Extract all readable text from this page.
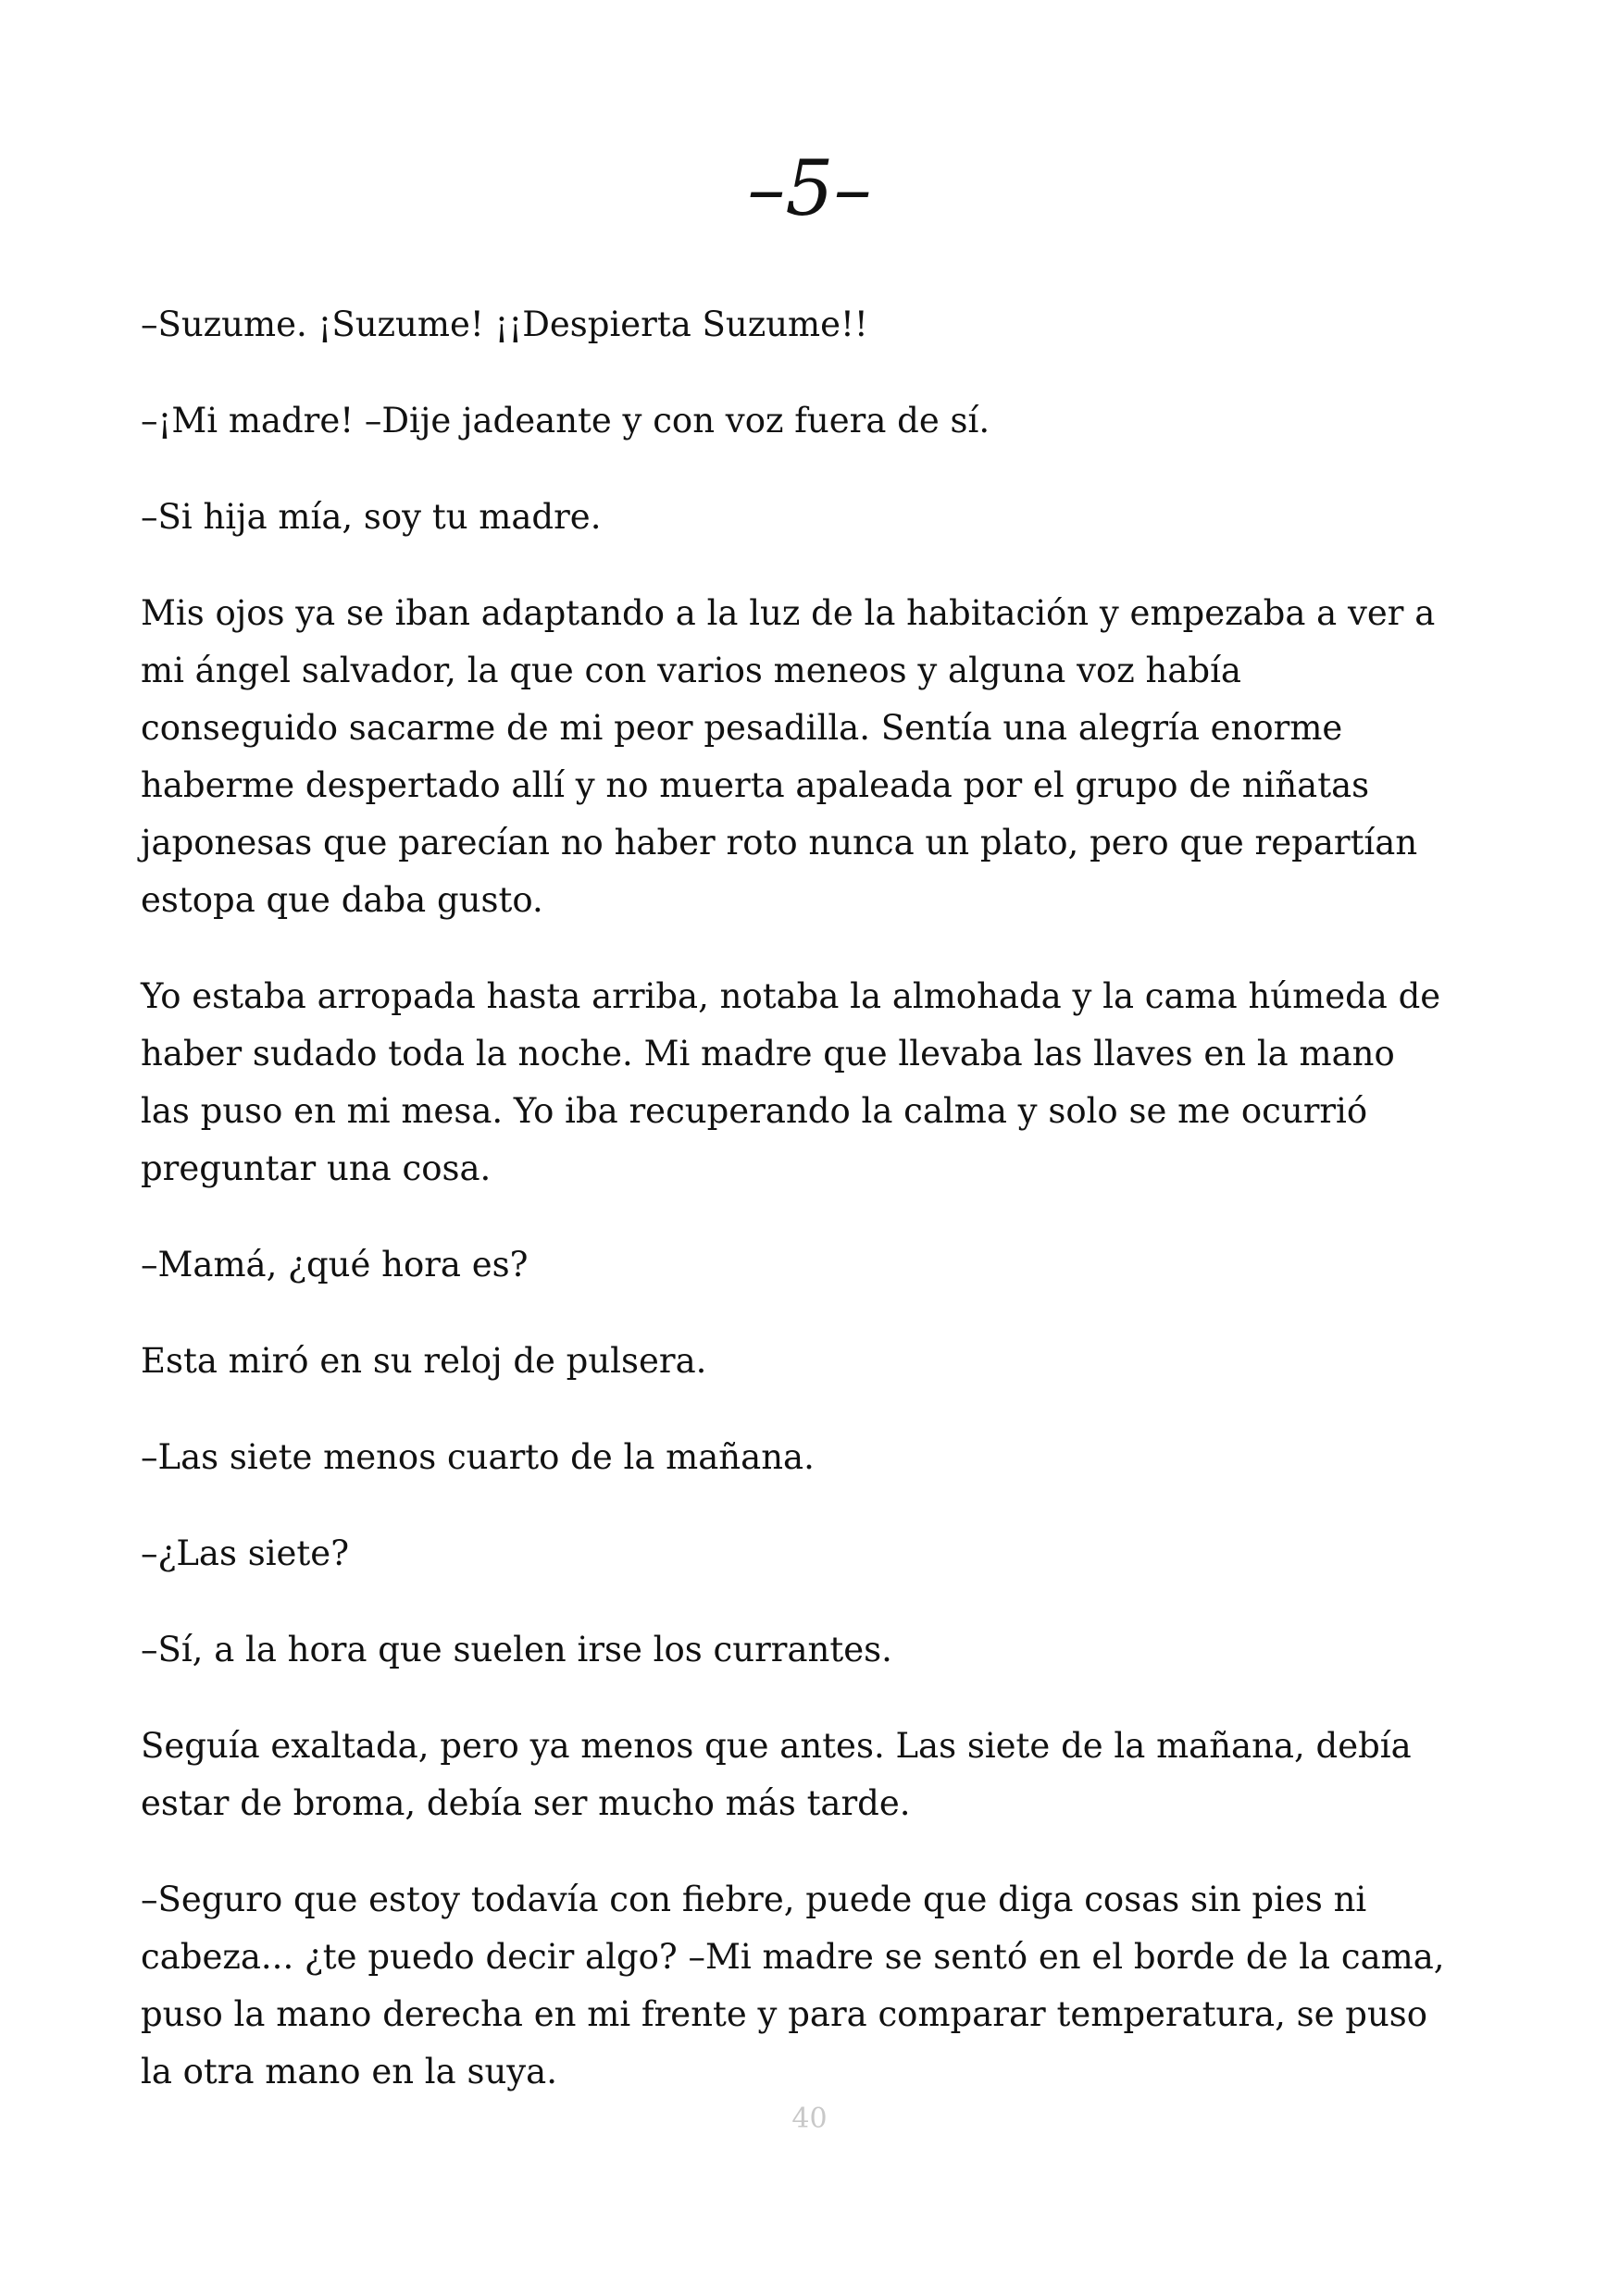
–5–

–Suzume. ¡Suzume! ¡¡Despierta Suzume!!

–¡Mi madre! –Dije jadeante y con voz fuera de sí.

–Si hija mía, soy tu madre.

Mis ojos ya se iban adaptando a la luz de la habitación y empezaba a ver a
mi ángel salvador, la que con varios meneos y alguna voz había
conseguido sacarme de mi peor pesadilla. Sentía una alegría enorme
haberme despertado allí y no muerta apaleada por el grupo de niñatas
japonesas que parecían no haber roto nunca un plato, pero que repartían
estopa que daba gusto.

Yo estaba arropada hasta arriba, notaba la almohada y la cama húmeda de
haber sudado toda la noche. Mi madre que llevaba las llaves en la mano
las puso en mi mesa. Yo iba recuperando la calma y solo se me ocurrió
preguntar una cosa.

–Mamá, ¿qué hora es?

Esta miró en su reloj de pulsera.

–Las siete menos cuarto de la mañana.

–¿Las siete?

–Sí, a la hora que suelen irse los currantes.

Seguía exaltada, pero ya menos que antes. Las siete de la mañana, debía
estar de broma, debía ser mucho más tarde.

–Seguro que estoy todavía con fiebre, puede que diga cosas sin pies ni
cabeza... ¿te puedo decir algo? –Mi madre se sentó en el borde de la cama,
puso la mano derecha en mi frente y para comparar temperatura, se puso
la otra mano en la suya.

40
